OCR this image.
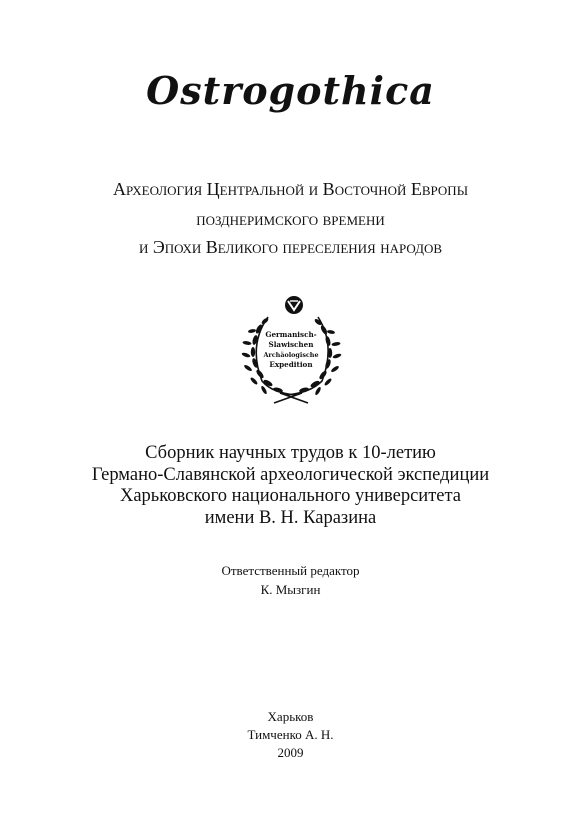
Ostrogothica
Археология Центральной и Восточной Европы
позднеримского времени
и Эпохи Великого переселения народов
Germanisch-
Slawischen
Archäologische
Expedition
Сборник научных трудов к 10-летию
Германо-Славянской археологической экспедиции
Харьковского национального университета
имени В. Н. Каразина
Ответственный редактор
К. Мызгин
Харьков
Тимченко А. Н.
2009
